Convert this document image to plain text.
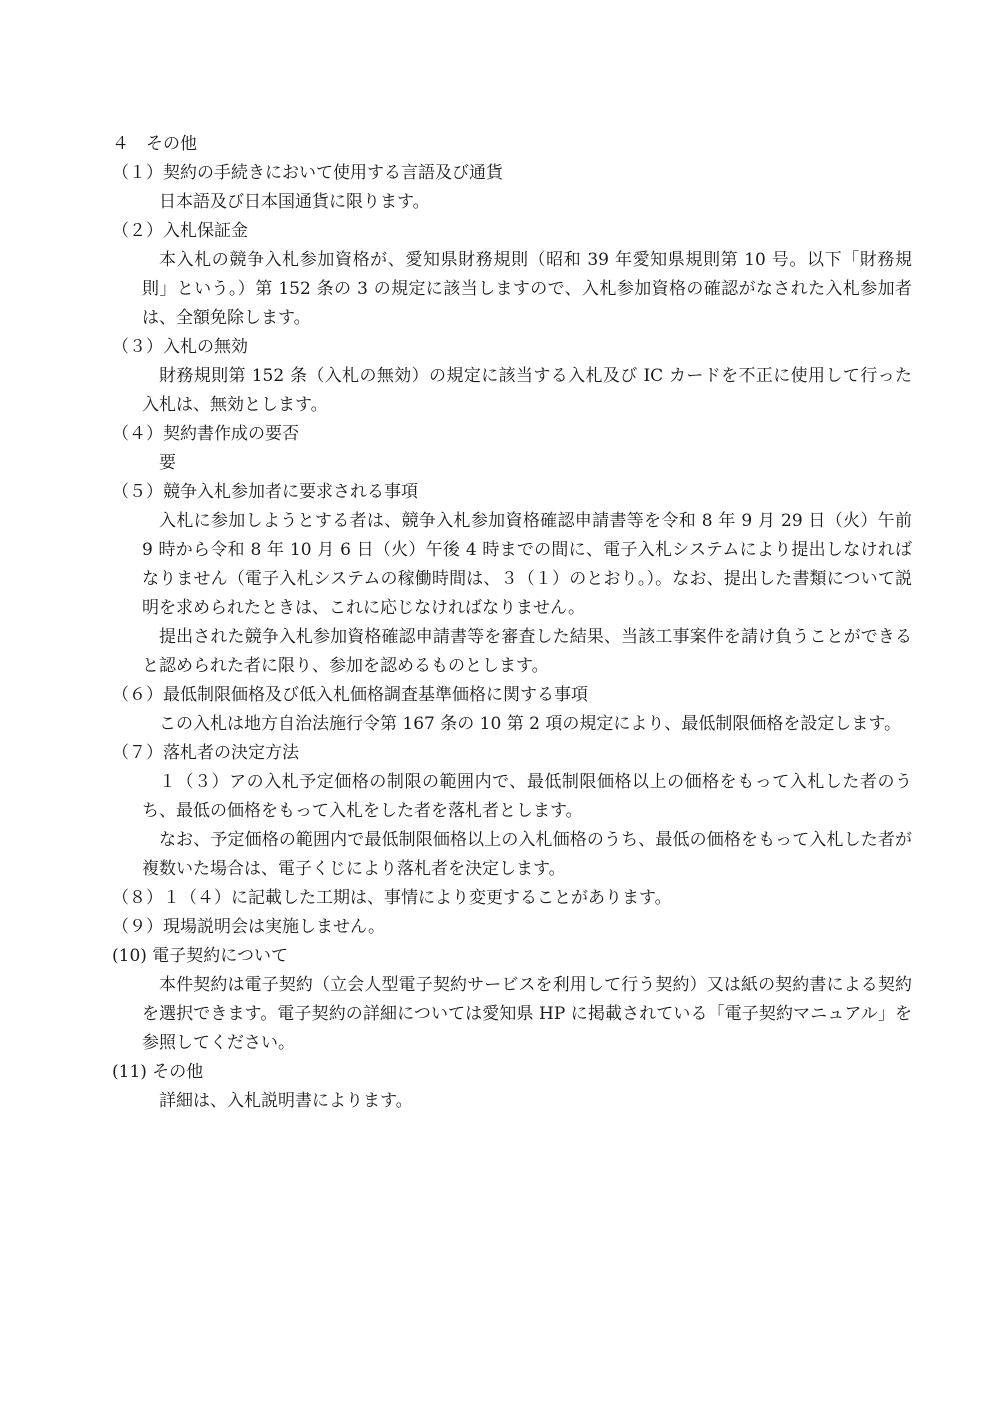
４　その他

（１）契約の手続きにおいて使用する言語及び通貨

日本語及び日本国通貨に限ります。

（２）入札保証金

本入札の競争入札参加資格が、愛知県財務規則（昭和 39 年愛知県規則第 10 号。以下「財務規則」という。）第 152 条の 3 の規定に該当しますので、入札参加資格の確認がなされた入札参加者は、全額免除します。

（３）入札の無効

財務規則第 152 条（入札の無効）の規定に該当する入札及び IC カードを不正に使用して行った入札は、無効とします。

（４）契約書作成の要否

要

（５）競争入札参加者に要求される事項

入札に参加しようとする者は、競争入札参加資格確認申請書等を令和 8 年 9 月 29 日（火）午前 9 時から令和 8 年 10 月 6 日（火）午後 4 時までの間に、電子入札システムにより提出しなければなりません（電子入札システムの稼働時間は、３（１）のとおり。）。なお、提出した書類について説明を求められたときは、これに応じなければなりません。

提出された競争入札参加資格確認申請書等を審査した結果、当該工事案件を請け負うことができると認められた者に限り、参加を認めるものとします。

（６）最低制限価格及び低入札価格調査基準価格に関する事項

この入札は地方自治法施行令第 167 条の 10 第 2 項の規定により、最低制限価格を設定します。

（７）落札者の決定方法

１（３）アの入札予定価格の制限の範囲内で、最低制限価格以上の価格をもって入札した者のうち、最低の価格をもって入札をした者を落札者とします。

なお、予定価格の範囲内で最低制限価格以上の入札価格のうち、最低の価格をもって入札した者が複数いた場合は、電子くじにより落札者を決定します。

（８）１（４）に記載した工期は、事情により変更することがあります。

（９）現場説明会は実施しません。

(10) 電子契約について

本件契約は電子契約（立会人型電子契約サービスを利用して行う契約）又は紙の契約書による契約を選択できます。電子契約の詳細については愛知県 HP に掲載されている「電子契約マニュアル」を参照してください。

(11) その他

詳細は、入札説明書によります。
